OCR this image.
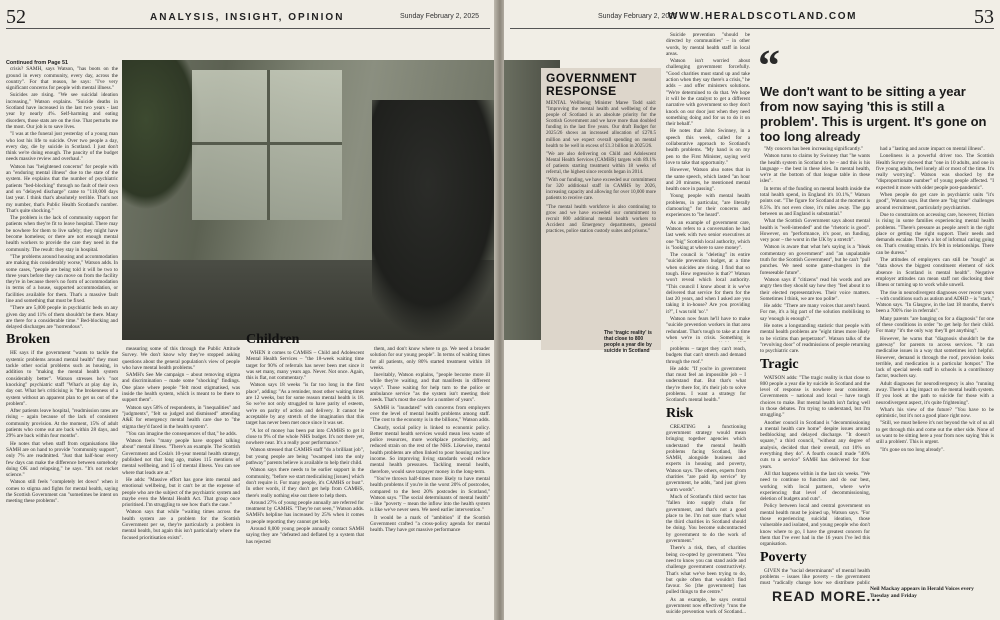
52	ANALYSIS, INSIGHT, OPINION	Sunday February 2, 2025
Continued from Page 51

crisis? SAMH, says Watson, "has boots on the ground in every community, every day, across the country". For that reason, he says: "I've very significant concerns for people with mental illness."

Suicides are rising. "We see suicidal ideation increasing," Watson explains. "Suicide deaths in Scotland have increased in the last two years - last year by nearly 4%. Self-harming and eating disorders, those stats are on the rise. That perturbs me the most. Our job is to save lives.

"I was at the funeral just yesterday of a young man who lost his life to suicide. Over two people a day, every day, die by suicide in Scotland. I just don't think we're doing enough. The paucity of the budget needs massive review and overhaul."

Watson has "heightened concerns" for people with an "enduring mental illness" due to the state of the system. He explains that the number of psychiatric patients "bed-blocking" through no fault of their own and on "delayed discharge" came to "118,000 days last year. I think that's absolutely terrible. That's not my number, that's Public Health Scotland's number. That's quite shocking."

The problem is the lack of community support for patients when they're fit to leave hospital. There may be nowhere for them to live safely; they might have become homeless; or there are not enough mental health workers to provide the care they need in the community. The result: they stay in hospital.

"The problems around housing and accommodation are making this considerably worse," Watson adds. In some cases, "people are being told it will be two to three years before they can move on from the facility they're in because there's no form of accommodation in terms of a house, supported accommodation, or facilities available for them. That's a massive fault line and something that must be fixed.

"There are 5,000 people in psychiatric beds on any given day and 11% of them shouldn't be there. Many are there for a considerable time." Bed-blocking and delayed discharges are "horrendous".

Broken

HE says if the government "wants to tackle the systemic problems around mental health" they must tackle other social problems such as housing, in addition to "making the mental health system considerably better". Watson stresses he's "not knocking" psychiatric staff "What's at play day in, day out. What he's criticising is "the brokenness of a system without an apparent plan to get us out of the problem".

After patients leave hospital, "readmission rates are rising – again because of the lack of consistent community provision. At the moment, 15% of adult patients who come out are back within 28 days, and 29% are back within four months".

He notes that when staff from organisations like SAMH are on hand to provide "community support", only 7% are readmitted. "Just that half-hour every few days can make the difference between somebody doing OK and relapsing," he says. "It's not rocket science."

Watson still feels "completely let down" when it comes to stigma and fights for mental health, saying the Scottish Government can "sometimes be intent on meeting these problems".

measuring some of this through the Public Attitude Survey. We don't know why they've stopped asking questions about the general population's view of people who have mental health problems."

SAMH's See Me campaign – about removing stigma and discrimination – made some "shocking" findings. One place where people "felt most stigmatised, was inside the health system, which is meant to be there to support them".

Watson says 58% of respondents, in "inequalities" and "judgments", "felt so judged and dismissed" attending A&E for emergency mental health care due to "the stigma they'd faced in the health system".

"You can imagine the consequences of that," he adds.

Watson feels "many people have stopped talking about" mental illness. "There's an example. The Scottish Government and Cosla's 10-year mental health strategy, published not that long ago, makes 115 mentions of mental wellbeing, and 15 of mental illness. You can see where that leads are at."

He adds: "Massive effort has gone into mental and emotional wellbeing, but it can't be at the expense of people who are the subject of the psychiatric system and maybe even the Mental Health Act. That group once prioritised. I'm struggling to see how that's the case."

Watson says that while "waiting times across the health system are a problem for the Scottish Government per se, they're particularly a problem in mental health, but again this isn't particularly where the focused prioritisation exists".

Children

WHEN it comes to CAMHS – Child and Adolescent Mental Health Services – "the 18-week waiting time target for 90% of referrals has never been met since it was set many, many years ago. Never. Not once. Again, this is flat, not commentary."

Watson says 18 weeks "is far too long in the first place", adding: "As a reminder, most other waiting times are 12 weeks, but for some reason mental health is 18. So we've not only struggled to have parity of esteem, we're on parity of action and delivery. It cannot be acceptable by any stretch of the imagination that this target has never been met once since it was set.

"A lot of money has been put into CAMHS to get it close to 9% of the whole NHS budget. It's not there yet, nowhere near. It's a really poor performance."

Watson stressed that CAMHS staff "do a brilliant job", but young people are being "swamped into the only pathway" parents believe is available to help their child.

Watson says there needs to be earlier support in the community, "before we start medicalising [issues] which don't require it. For many people, it's CAMHS or bust". In other words, if they don't get help from CAMHS, there's really nothing else out there to help them.

Around 27% of young people annually are referred for treatment by CAMHS. "They're not seen," Watson adds. SAMH's helpline has increased by 25% when it comes to people reporting they cannot get help.

Around 8,000 young people annually contact SAMH saying they are "defeated and deflated by a system that has rejected

them, and don't know where to go. We need a broader solution for our young people". In terms of waiting times for all patients, only 80% started treatment within 18 weeks.

Inevitably, Watson explains, "people become more ill while they're waiting, and that manifests in different ways". Those waiting for help turn to the police or ambulance service "as the system isn't meeting their needs. That's most the case for a number of years".

SAMH is "inundated" with concerns from employers over the level of mental health problems among staff. "The cost to the economy is in the billions," Watson adds.

Clearly, social policy is linked to economic policy. Better mental health services would mean less waste of police resources, more workplace productivity, and reduced strain on the rest of the NHS. Likewise, mental health problems are often linked to poor housing and low income. So improving living standards would reduce mental health pressures. Tackling mental health, therefore, would save taxpayer money in the long-term.

"You've thrown half-times more likely to have mental health problems if you're in the worst 20% of postcodes, compared to the best 20% postcodes in Scotland," Watson says. "The social determinants of mental health" – like "poverty – mean the inflow into the health system is like we've never seen. We need earlier intervention."

It would be a mark of "ambition" if the Scottish Government crafted "a cross-policy agenda for mental health. They have got massive performance

Sunday February 2, 2025
WWW.HERALDSCOTLAND.COM	53
GOVERNMENT RESPONSE

MENTAL Wellbeing Minister Maree Todd said: "Improving the mental health and wellbeing of the people of Scotland is an absolute priority for the Scottish Government and we have more than doubled funding in the last five years. Our draft Budget for 2025/26 shows an increased allocation of £270.5 million and we expect overall spending on mental health to be well in excess of £1.3 billion in 2025/26.

"We are also delivering on Child and Adolescent Mental Health Services (CAMHS) targets with 89.1% of patients starting treatment within 18 weeks of referral, the highest since records began in 2014.

"With our funding, we have exceeded our commitment for 320 additional staff in CAMHS by 2026, increasing capacity and allowing for over 10,000 more patients to receive care.

"The mental health workforce is also continuing to grow and we have exceeded our commitment to recruit 800 additional mental health workers to Accident and Emergency departments, general practices, police station custody suites and prisons."

The 'tragic reality' is that close to 800 people a year die by suicide in Scotland	problems – target they can't reach, budgets that can't stretch and demand through the roof."

He adds: "If you're in government that must feel an impossible job – I understand that. But that's what they're there for, it's their job to solve problems. I want a strategy for Scotland's mental health."

Risk

CREATING a functioning government strategy would mean bringing together agencies which understand the mental health problems facing Scotland, like SAMH, alongside business and experts in housing and poverty, Watson says. The others, experts from charities "are paid lip service" by government, he adds, "and just given warm words".

Much of Scotland's third sector has "fallen into supply chain for government, and that's not a good place to be. I'm not sure that's what the third charities in Scotland should be doing. You become subcontracted by government to do the work of government."

There's a risk, then, of charities being co-opted by government. "You need to know you can stand aside and challenge government constructively. That's what we've been trying to do, but quite often that wouldn't find favour. So [the government] has pulled things to the centre."

As an example, he says central government now effectively "runs the suicide prevention work of Scotland...

Suicide prevention "should be directed by communities" – in other words, by mental health staff in local areas.

Watson isn't worried about challenging government forcefully. "Good charities must stand up and take action when they say there's a crisis," he adds – and offer ministers solutions. "We're determined to do that. We hope it will be the catalyst to get a different narrative with government so they don't knock on our door just when they need something doing and for us to do it on their behalf."

He notes that John Swinney, in a speech this week, called for a collaborative approach to Scotland's health problems. "My hand is on my pen to the First Minister, saying we'd love to take that opportunity."

However, Watson also notes that in the same speech, which lasted "an hour and 20 minutes, he mentioned mental health once in passing".

Young people with mental health problems, in particular, "are literally clamouring" for their concerns and experiences to "be heard".

As an example of government care, Watson refers to a conversation he had last week with two senior executives at one "big" Scottish local authority, which is "looking at where to save money".

The council is "deleting" its entire "suicide prevention budget, at a time when suicides are rising. I find that so tough. How regressive is that?" Watson won't reveal which local authority. "This council I know about it is we've delivered that service for them for the last 20 years, and when I asked are you taking it in-house? Are you providing it?", I was told 'no'."

Watson now fears he'll have to make "suicide prevention workers in that area redundant. That's tough to take at a time when we're in crisis. Something is

“
We don't want to be sitting a year from now saying 'this is still a problem'. This is urgent. It's gone on too long already

"My concern has been increasing significantly."

Watson turns to claims by Swinney that "he wants the health system in Scotland to be – and this is his language – the best in these isles. In mental health, we're at the bottom of that league table in these isles".

In terms of the funding on mental health inside the total health spend, in England it's 10.1%," Watson points out. "The figure for Scotland at the moment is 8.5%. It's not even close, it's miles away. The gap between us and England is substantial."

What the Scottish Government says about mental health is "well-intended" and the "rhetoric is good". However, on "performance, it's poor, on funding, very poor – the worst in the UK by a stretch".

Watson is aware that what he's saying is a "bleak commentary on government" and "an unpalatable truth for the Scottish Government", but he can't "pull punches. We need some game-changers in the foreseeable future".

Watson says if "citizens" read his words and are angry then they should say how they "feel about it to their elected representatives. Their voice matters. Sometimes I think, we are too polite".

He adds: "There are many voices that aren't heard. For me, it's a big part of the solution mobilising to say 'enough is enough'".

He notes a longstanding statistic that people with mental health problems are "eight times more likely to be victims than perpetrator". Watson talks of the "revolving door" of readmissions of people returning to psychiatric care.

Tragic

WATSON adds: "The tragic reality is that close to 800 people a year die by suicide in Scotland and the level of response is nowhere near consistent. Governments – national and local – have tough choices to make. But mental health isn't faring well in those debates. I'm trying to understand, but I'm struggling."

Another council in Scotland is "decommissioning a mental health care home" despite issues around bedblocking and delayed discharge. "It doesn't square," a third council, "without any degree of analysis, decided that their overall, cut 10% on everything they do". A fourth council made "40% cuts to a service" SAMH has delivered for four years.

All that happens within in the last six weeks. "We need to continue to function and do our best, working with local partners, where we're experiencing that level of decommissioning, deletion of budgets and cuts".

Policy between local and central government on mental health must be joined up, Watson says. "For those experiencing suicidal ideation, those vulnerable and isolated, and young people who don't know where to go, I have the greatest concern for them that I've ever had in the 16 years I've led this organisation.

Poverty

GIVEN the "social determinants" of mental health problems – issues like poverty – the government must "radically change how we distribute public

had a "lasting and acute impact on mental illness".

Loneliness is a powerful driver too. The Scottish Health Survey showed that "one in 10 adults, and one in five young adults, feel lonely all or most of the time. It's really worrying". Watson was shocked by the "disproportionate number" of young people affected. "I expected it more with older people post-pandemic".

When people do get care in psychiatric units "it's good", Watson says. But there are "big time" challenges around recruitment, particularly psychiatrists.

Due to constraints on accessing care, however, friction is rising in some families experiencing mental health problems. "There's pressure as people aren't in the right place or getting the right support. Their needs and demands escalate. There's a lot of informal caring going on. That's creating strain. It's felt in relationships. There can be duress."

The attitudes of employers can still be "tough" as "data shows the biggest constituent element of sick absence in Scotland is mental health". Negative employer attitudes can mean staff not disclosing their illness or turning up to work while unwell.

The rise in neurodivergent diagnoses over recent years – with conditions such as autism and ADHD – is "stark," Watson says. "In Glasgow, in the last 18 months, there's been a 700% rise in referrals".

Many parents "are banging on for a diagnosis" for one of these conditions in order "to get help for their child. For many "it's the only way they'll get anything".

However, he warns that "diagnosis shouldn't be the gateway" for parents to access services. "It can medicalise issues in a way that sometimes isn't helpful. However, demand is through the roof, provision looks terrible, and medication is a particular hotspot." The lack of special needs staff in schools is a contributory factor, teachers say.

Adult diagnoses for neurodivergency is also "running away. There's a big impact on the mental health system. If you look at the path to suicide for those with a neurodivergent aspect, it's quite frightening".

What's his view of the future? "You have to be optimistic, but it's not a good place right now.

"Still, we must believe it's not beyond the wit of us all to get through this and come out the other side. None of us want to be sitting here a year from now saying 'this is still a problem'. This is urgent.

"It's gone on too long already".

READ MORE...
Neil Mackay appears in Herald Voices every Tuesday and Friday
